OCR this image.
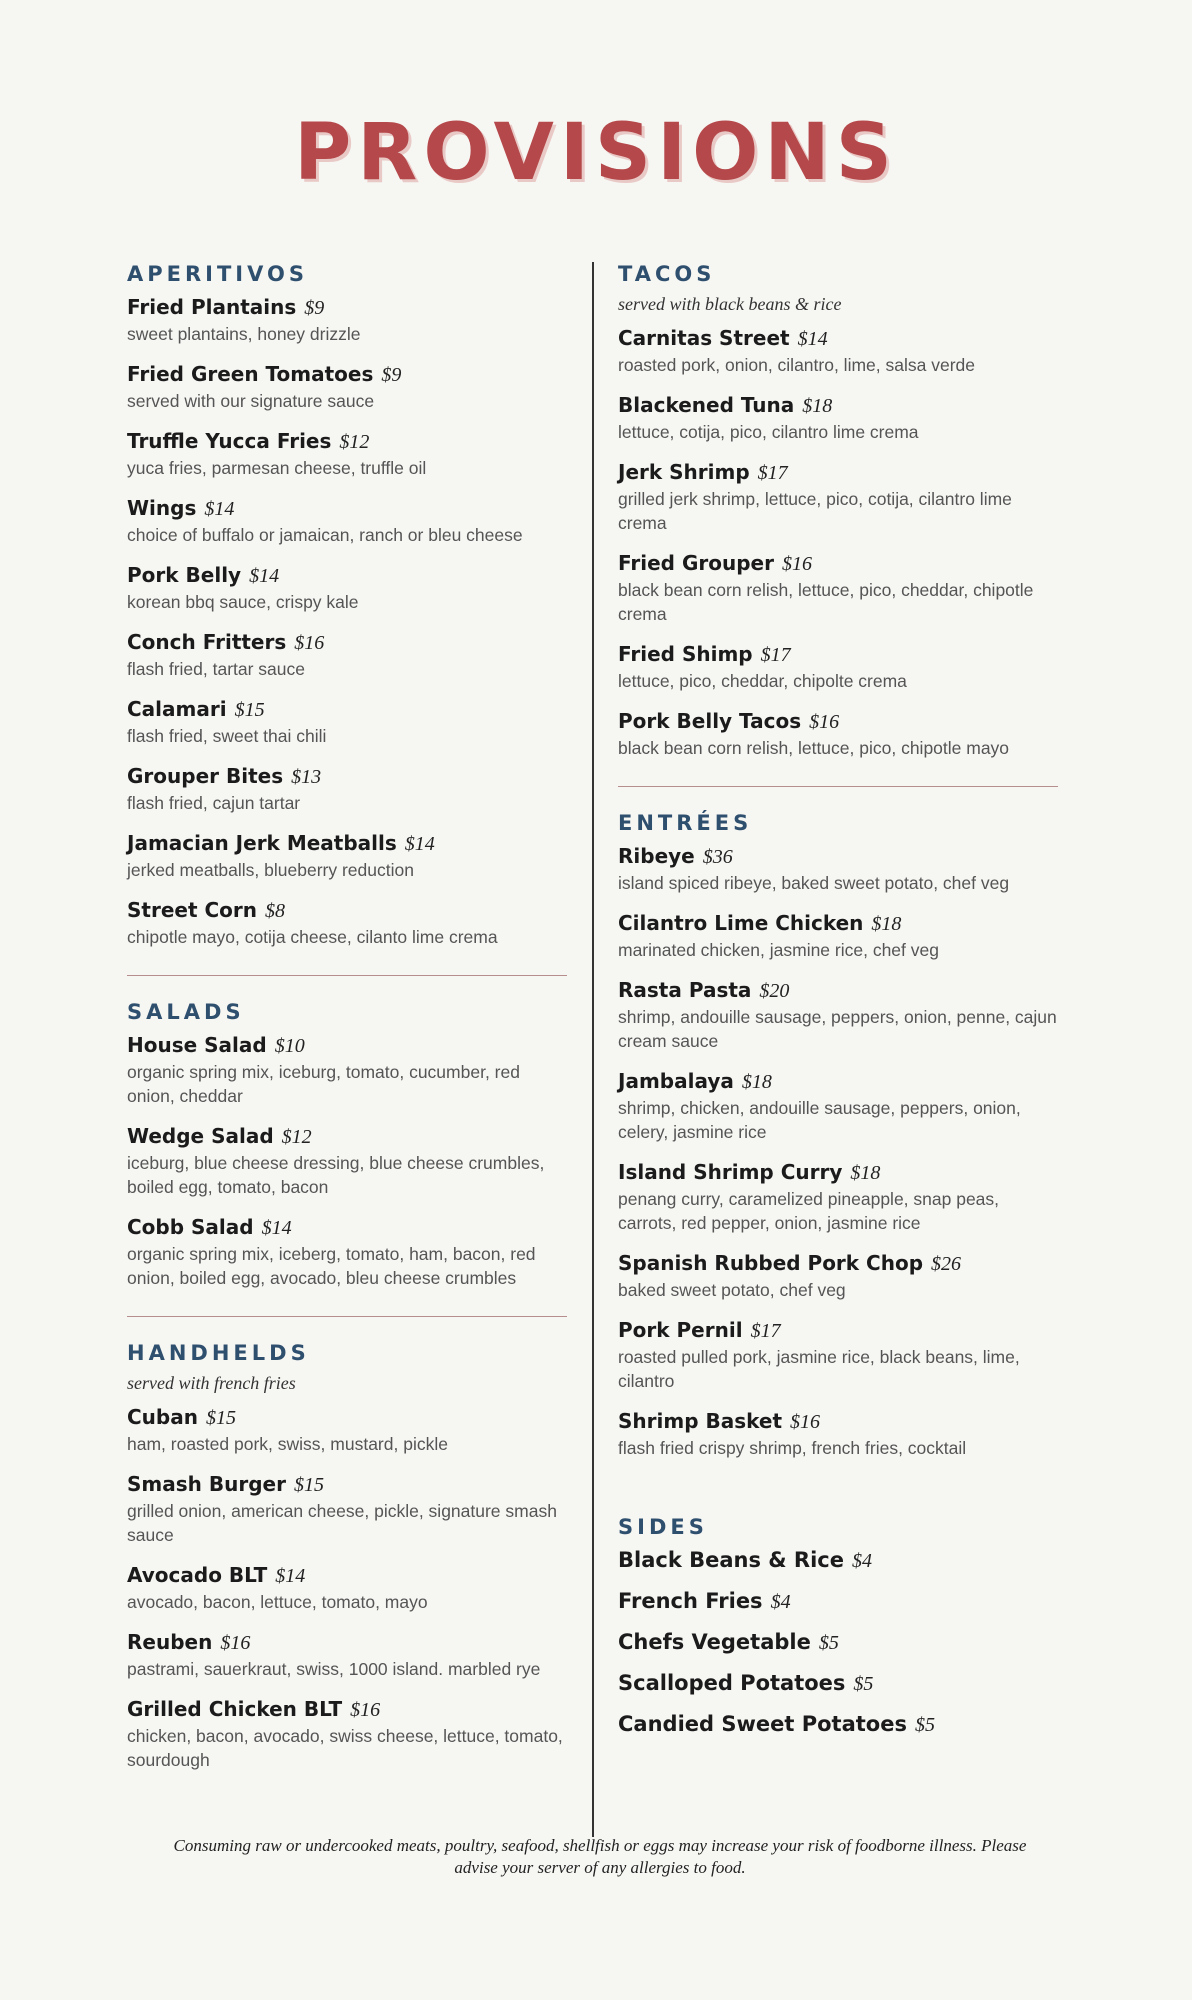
PROVISIONS
APERITIVOS
Fried Plantains $9
sweet plantains, honey drizzle
Fried Green Tomatoes $9
served with our signature sauce
Truffle Yucca Fries $12
yuca fries, parmesan cheese, truffle oil
Wings $14
choice of buffalo or jamaican, ranch or bleu cheese
Pork Belly $14
korean bbq sauce, crispy kale
Conch Fritters $16
flash fried, tartar sauce
Calamari $15
flash fried, sweet thai chili
Grouper Bites $13
flash fried, cajun tartar
Jamacian Jerk Meatballs $14
jerked meatballs, blueberry reduction
Street Corn $8
chipotle mayo, cotija cheese, cilanto lime crema
SALADS
House Salad $10
organic spring mix, iceburg, tomato, cucumber, red onion, cheddar
Wedge Salad $12
iceburg, blue cheese dressing, blue cheese crumbles, boiled egg, tomato, bacon
Cobb Salad $14
organic spring mix, iceberg, tomato, ham, bacon, red onion, boiled egg, avocado, bleu cheese crumbles
HANDHELDS
served with french fries
Cuban $15
ham, roasted pork, swiss, mustard, pickle
Smash Burger $15
grilled onion, american cheese, pickle, signature smash sauce
Avocado BLT $14
avocado, bacon, lettuce, tomato, mayo
Reuben $16
pastrami, sauerkraut, swiss, 1000 island. marbled rye
Grilled Chicken BLT $16
chicken, bacon, avocado, swiss cheese, lettuce, tomato, sourdough
TACOS
served with black beans & rice
Carnitas Street $14
roasted pork, onion, cilantro, lime, salsa verde
Blackened Tuna $18
lettuce, cotija, pico, cilantro lime crema
Jerk Shrimp $17
grilled jerk shrimp, lettuce, pico, cotija, cilantro lime crema
Fried Grouper $16
black bean corn relish, lettuce, pico, cheddar, chipotle crema
Fried Shimp $17
lettuce, pico, cheddar, chipolte crema
Pork Belly Tacos $16
black bean corn relish, lettuce, pico, chipotle mayo
ENTRÉES
Ribeye $36
island spiced ribeye, baked sweet potato, chef veg
Cilantro Lime Chicken $18
marinated chicken, jasmine rice, chef veg
Rasta Pasta $20
shrimp, andouille sausage, peppers, onion, penne, cajun cream sauce
Jambalaya $18
shrimp, chicken, andouille sausage, peppers, onion, celery, jasmine rice
Island Shrimp Curry $18
penang curry, caramelized pineapple, snap peas, carrots, red pepper, onion, jasmine rice
Spanish Rubbed Pork Chop $26
baked sweet potato, chef veg
Pork Pernil $17
roasted pulled pork, jasmine rice, black beans, lime, cilantro
Shrimp Basket $16
flash fried crispy shrimp, french fries, cocktail
SIDES
Black Beans & Rice $4
French Fries $4
Chefs Vegetable $5
Scalloped Potatoes $5
Candied Sweet Potatoes $5
Consuming raw or undercooked meats, poultry, seafood, shellfish or eggs may increase your risk of foodborne illness. Please advise your server of any allergies to food.
